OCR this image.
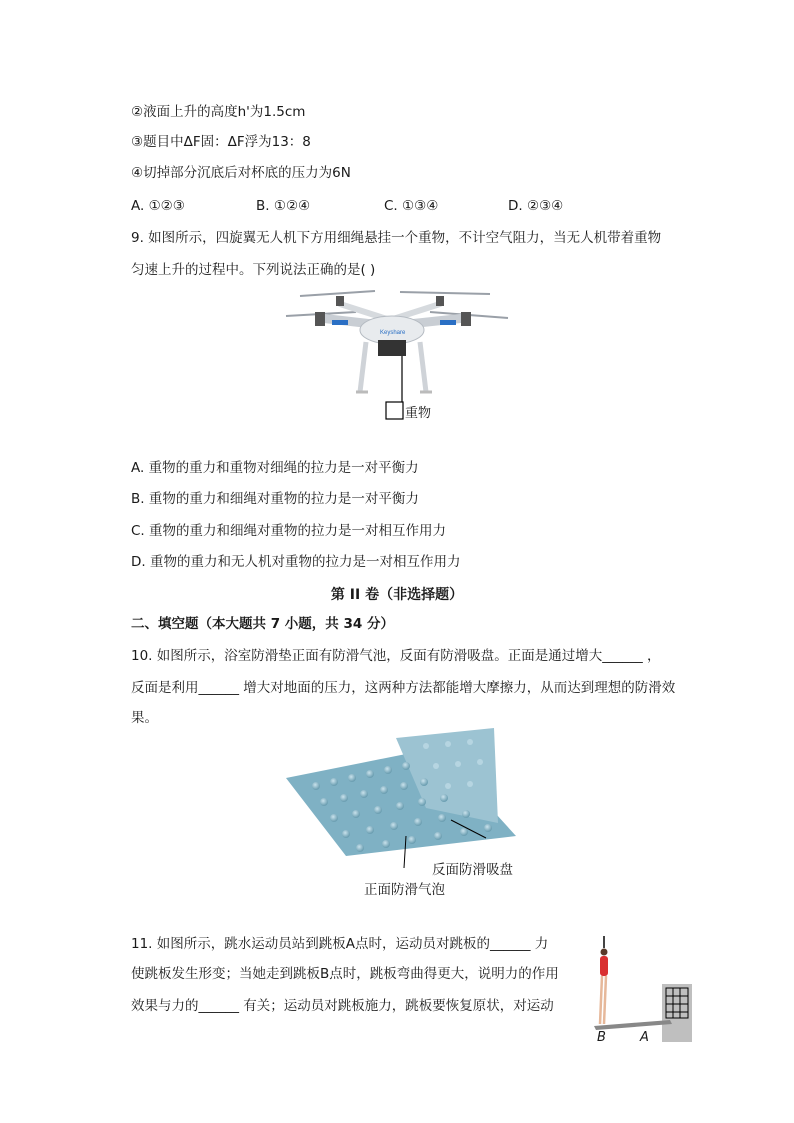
②液面上升的高度h'为1.5cm
③题目中ΔF固：ΔF浮为13：8
④切掉部分沉底后对杯底的压力为6N
A. ①②③	B. ①②④	C. ①③④	D. ②③④
9. 如图所示，四旋翼无人机下方用细绳悬挂一个重物，不计空气阻力，当无人机带着重物
匀速上升的过程中。下列说法正确的是( )
Keyshare
重物
A. 重物的重力和重物对细绳的拉力是一对平衡力
B. 重物的重力和细绳对重物的拉力是一对平衡力
C. 重物的重力和细绳对重物的拉力是一对相互作用力
D. 重物的重力和无人机对重物的拉力是一对相互作用力
第 II 卷（非选择题）
二、填空题（本大题共 7 小题，共 34 分）
10. 如图所示，浴室防滑垫正面有防滑气池，反面有防滑吸盘。正面是通过增大______ ，
反面是利用______ 增大对地面的压力，这两种方法都能增大摩擦力，从而达到理想的防滑效
果。
反面防滑吸盘
正面防滑气泡
11. 如图所示，跳水运动员站到跳板A点时，运动员对跳板的______ 力
使跳板发生形变；当她走到跳板B点时，跳板弯曲得更大，说明力的作用
效果与力的______ 有关；运动员对跳板施力，跳板要恢复原状，对运动
B	A
